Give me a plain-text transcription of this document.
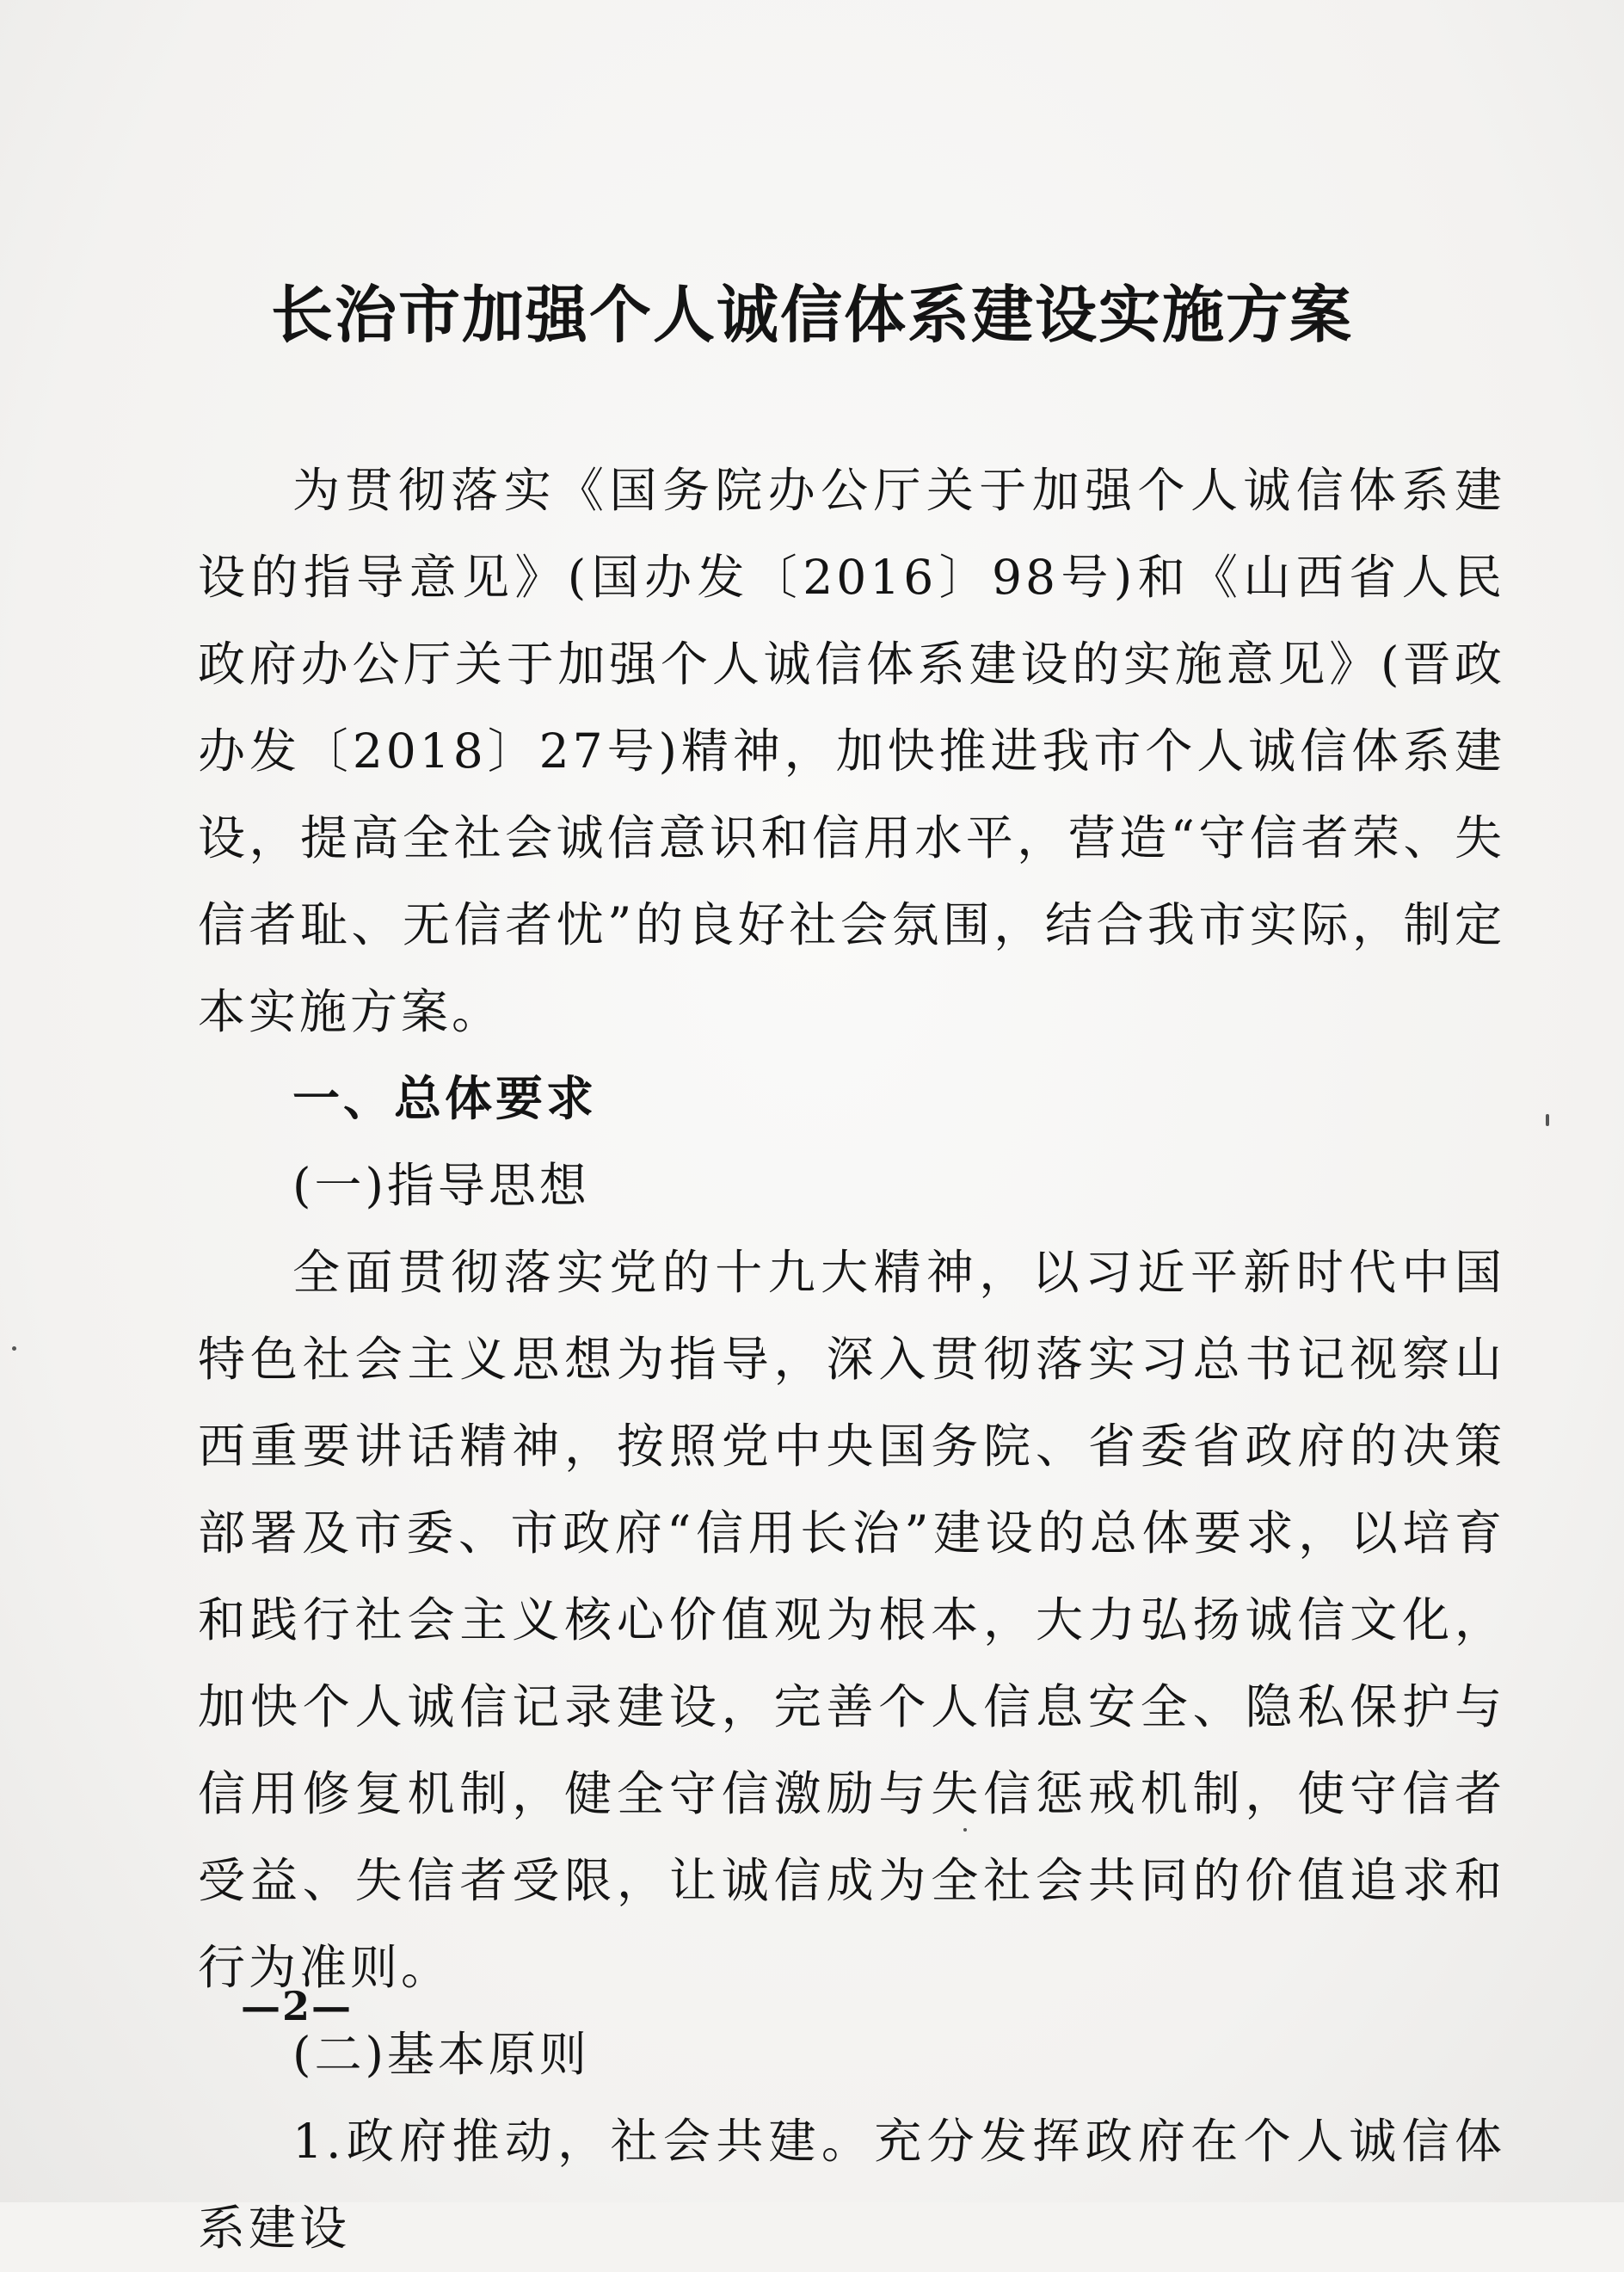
长治市加强个人诚信体系建设实施方案

为贯彻落实《国务院办公厅关于加强个人诚信体系建设的指导意见》(国办发〔2016〕98号)和《山西省人民政府办公厅关于加强个人诚信体系建设的实施意见》(晋政办发〔2018〕27号)精神，加快推进我市个人诚信体系建设，提高全社会诚信意识和信用水平，营造“守信者荣、失信者耻、无信者忧”的良好社会氛围，结合我市实际，制定本实施方案。

一、总体要求

(一)指导思想

全面贯彻落实党的十九大精神，以习近平新时代中国特色社会主义思想为指导，深入贯彻落实习总书记视察山西重要讲话精神，按照党中央国务院、省委省政府的决策部署及市委、市政府“信用长治”建设的总体要求，以培育和践行社会主义核心价值观为根本，大力弘扬诚信文化，加快个人诚信记录建设，完善个人信息安全、隐私保护与信用修复机制，健全守信激励与失信惩戒机制，使守信者受益、失信者受限，让诚信成为全社会共同的价值追求和行为准则。

(二)基本原则

1.政府推动，社会共建。充分发挥政府在个人诚信体系建设

—2—
